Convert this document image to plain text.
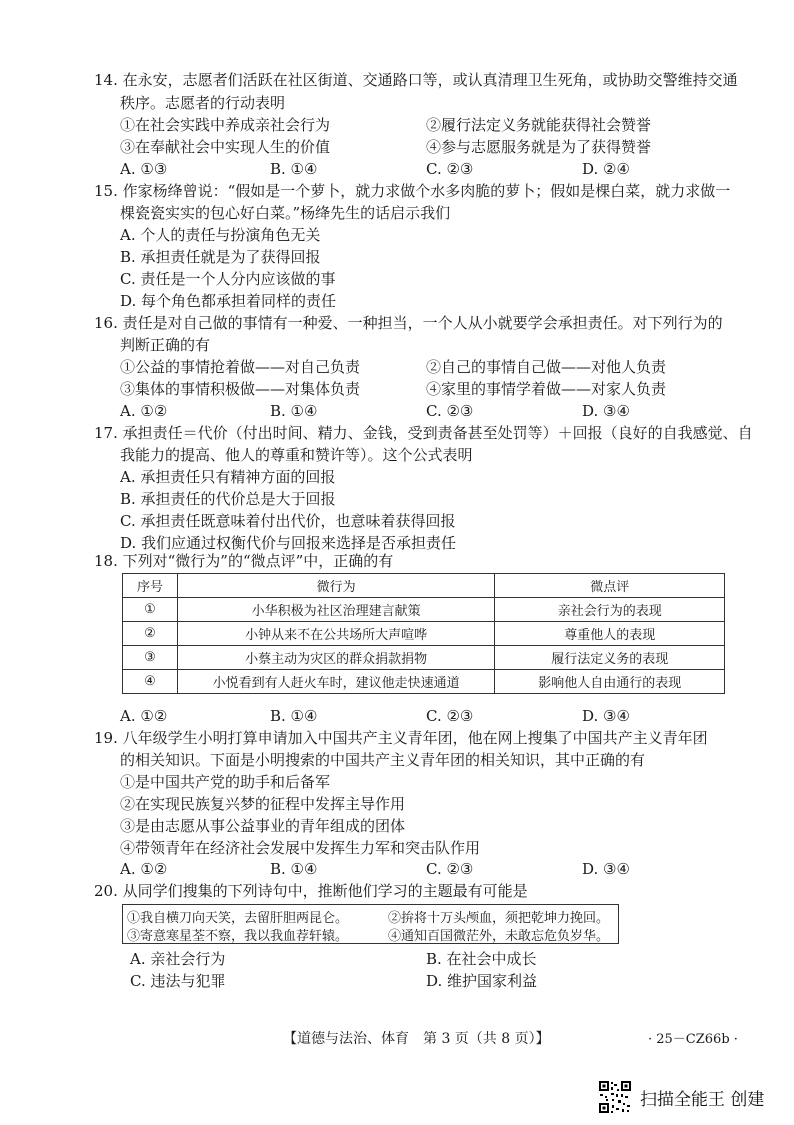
14. 在永安，志愿者们活跃在社区街道、交通路口等，或认真清理卫生死角，或协助交警维持交通
秩序。志愿者的行动表明
①在社会实践中养成亲社会行为	②履行法定义务就能获得社会赞誉
③在奉献社会中实现人生的价值	④参与志愿服务就是为了获得赞誉
A. ①③	B. ①④	C. ②③	D. ②④
15. 作家杨绛曾说：“假如是一个萝卜，就力求做个水多肉脆的萝卜；假如是棵白菜，就力求做一
棵瓷瓷实实的包心好白菜。”杨绛先生的话启示我们
A. 个人的责任与扮演角色无关
B. 承担责任就是为了获得回报
C. 责任是一个人分内应该做的事
D. 每个角色都承担着同样的责任
16. 责任是对自己做的事情有一种爱、一种担当，一个人从小就要学会承担责任。对下列行为的
判断正确的有
①公益的事情抢着做——对自己负责	②自己的事情自己做——对他人负责
③集体的事情积极做——对集体负责	④家里的事情学着做——对家人负责
A. ①②	B. ①④	C. ②③	D. ③④
17. 承担责任＝代价（付出时间、精力、金钱，受到责备甚至处罚等）＋回报（良好的自我感觉、自
我能力的提高、他人的尊重和赞许等）。这个公式表明
A. 承担责任只有精神方面的回报
B. 承担责任的代价总是大于回报
C. 承担责任既意味着付出代价，也意味着获得回报
D. 我们应通过权衡代价与回报来选择是否承担责任
18. 下列对“微行为”的“微点评”中，正确的有
序号	微行为	微点评
①	小华积极为社区治理建言献策	亲社会行为的表现
②	小钟从来不在公共场所大声喧哗	尊重他人的表现
③	小蔡主动为灾区的群众捐款捐物	履行法定义务的表现
④	小悦看到有人赶火车时，建议他走快速通道	影响他人自由通行的表现
A. ①②	B. ①④	C. ②③	D. ③④
19. 八年级学生小明打算申请加入中国共产主义青年团，他在网上搜集了中国共产主义青年团
的相关知识。下面是小明搜索的中国共产主义青年团的相关知识，其中正确的有
①是中国共产党的助手和后备军
②在实现民族复兴梦的征程中发挥主导作用
③是由志愿从事公益事业的青年组成的团体
④带领青年在经济社会发展中发挥生力军和突击队作用
A. ①②	B. ①④	C. ②③	D. ③④
20. 从同学们搜集的下列诗句中，推断他们学习的主题最有可能是
①我自横刀向天笑，去留肝胆两昆仑。	②拚将十万头颅血，须把乾坤力挽回。
③寄意寒星荃不察，我以我血荐轩辕。	④通知百国微茫外，未敢忘危负岁华。
A. 亲社会行为	B. 在社会中成长
C. 违法与犯罪	D. 维护国家利益
【道德与法治、体育　第 3 页（共 8 页）】	· 25－CZ66b ·
扫描全能王 创建
